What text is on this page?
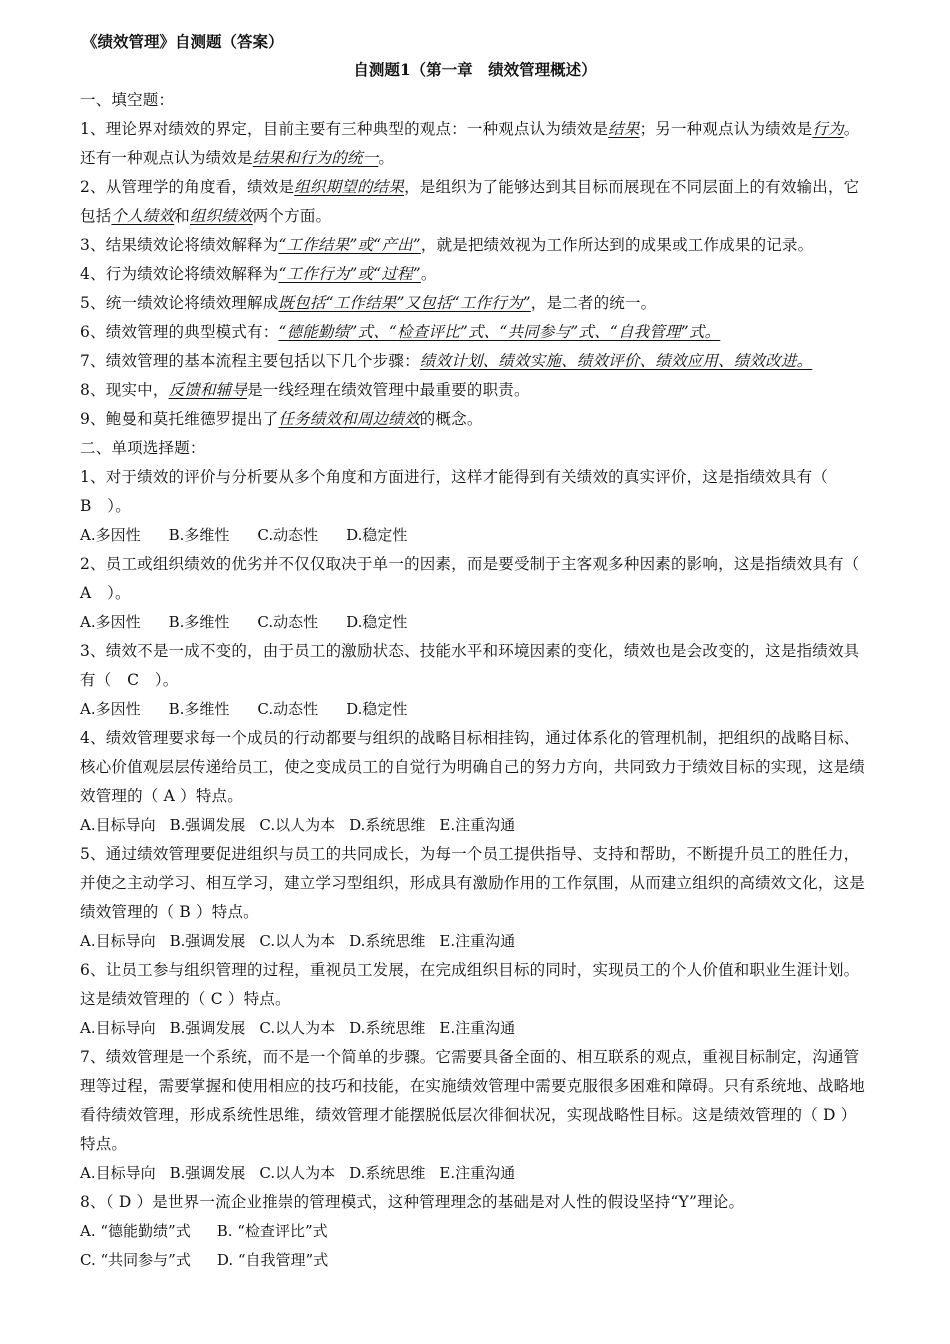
《绩效管理》自测题（答案）
自测题1（第一章　绩效管理概述）

一、填空题：

1、理论界对绩效的界定，目前主要有三种典型的观点：一种观点认为绩效是结果；另一种观点认为绩效是行为。还有一种观点认为绩效是结果和行为的统一。

2、从管理学的角度看，绩效是组织期望的结果，是组织为了能够达到其目标而展现在不同层面上的有效输出，它包括个人绩效和组织绩效两个方面。

3、结果绩效论将绩效解释为“工作结果”或“产出”，就是把绩效视为工作所达到的成果或工作成果的记录。

4、行为绩效论将绩效解释为“工作行为”或“过程”。

5、统一绩效论将绩效理解成既包括“工作结果”又包括“工作行为”，是二者的统一。

6、绩效管理的典型模式有：“德能勤绩”式、“检查评比”式、“共同参与”式、“自我管理”式。

7、绩效管理的基本流程主要包括以下几个步骤：绩效计划、绩效实施、绩效评价、绩效应用、绩效改进。

8、现实中，反馈和辅导是一线经理在绩效管理中最重要的职责。

9、鲍曼和莫托维德罗提出了任务绩效和周边绩效的概念。

二、单项选择题：

1、对于绩效的评价与分析要从多个角度和方面进行，这样才能得到有关绩效的真实评价，这是指绩效具有（　B　）。

A.多因性 B.多维性 C.动态性 D.稳定性

2、员工或组织绩效的优劣并不仅仅取决于单一的因素，而是要受制于主客观多种因素的影响，这是指绩效具有（　A　）。

A.多因性 B.多维性 C.动态性 D.稳定性

3、绩效不是一成不变的，由于员工的激励状态、技能水平和环境因素的变化，绩效也是会改变的，这是指绩效具有（　C　）。

A.多因性 B.多维性 C.动态性 D.稳定性

4、绩效管理要求每一个成员的行动都要与组织的战略目标相挂钩，通过体系化的管理机制，把组织的战略目标、核心价值观层层传递给员工，使之变成员工的自觉行为明确自己的努力方向，共同致力于绩效目标的实现，这是绩效管理的（ A ）特点。

A.目标导向 B.强调发展 C.以人为本 D.系统思维 E.注重沟通

5、通过绩效管理要促进组织与员工的共同成长，为每一个员工提供指导、支持和帮助，不断提升员工的胜任力，并使之主动学习、相互学习，建立学习型组织，形成具有激励作用的工作氛围，从而建立组织的高绩效文化，这是绩效管理的（ B ）特点。

A.目标导向 B.强调发展 C.以人为本 D.系统思维 E.注重沟通

6、让员工参与组织管理的过程，重视员工发展，在完成组织目标的同时，实现员工的个人价值和职业生涯计划。这是绩效管理的（ C ）特点。

A.目标导向 B.强调发展 C.以人为本 D.系统思维 E.注重沟通

7、绩效管理是一个系统，而不是一个简单的步骤。它需要具备全面的、相互联系的观点，重视目标制定，沟通管理等过程，需要掌握和使用相应的技巧和技能，在实施绩效管理中需要克服很多困难和障碍。只有系统地、战略地看待绩效管理，形成系统性思维，绩效管理才能摆脱低层次徘徊状况，实现战略性目标。这是绩效管理的（ D ）特点。

A.目标导向 B.强调发展 C.以人为本 D.系统思维 E.注重沟通

8、（ D ）是世界一流企业推崇的管理模式，这种管理理念的基础是对人性的假设坚持“Y”理论。

A. “德能勤绩”式 B. “检查评比”式
C. “共同参与”式 D. “自我管理”式
